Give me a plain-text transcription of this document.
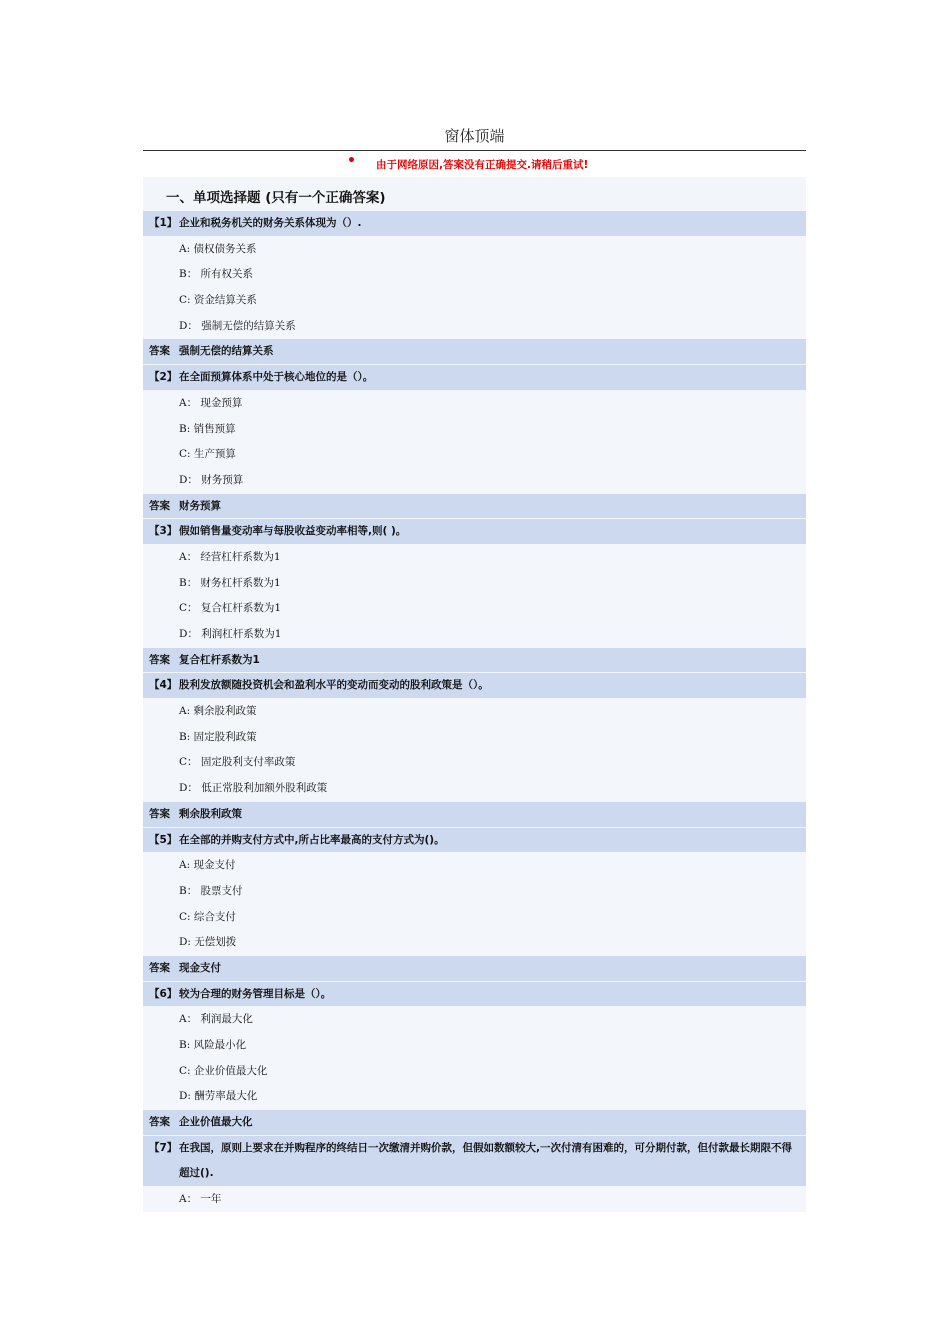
窗体顶端
• 由于网络原因,答案没有正确提交.请稍后重试!
一、单项选择题 (只有一个正确答案)
【1】 企业和税务机关的财务关系体现为（）.
A: 债权债务关系
B： 所有权关系
C: 资金结算关系
D： 强制无偿的结算关系
答案 强制无偿的结算关系
【2】 在全面预算体系中处于核心地位的是（）。
A： 现金预算
B: 销售预算
C: 生产预算
D： 财务预算
答案 财务预算
【3】 假如销售量变动率与每股收益变动率相等,则( )。
A： 经营杠杆系数为1
B： 财务杠杆系数为1
C： 复合杠杆系数为1
D： 利润杠杆系数为1
答案 复合杠杆系数为1
【4】 股利发放额随投资机会和盈利水平的变动而变动的股利政策是（）。
A: 剩余股利政策
B: 固定股利政策
C： 固定股利支付率政策
D： 低正常股利加额外股利政策
答案 剩余股利政策
【5】 在全部的并购支付方式中,所占比率最高的支付方式为()。
A: 现金支付
B： 股票支付
C: 综合支付
D: 无偿划拨
答案 现金支付
【6】 较为合理的财务管理目标是（）。
A： 利润最大化
B: 风险最小化
C: 企业价值最大化
D: 酬劳率最大化
答案 企业价值最大化
【7】 在我国，原则上要求在并购程序的终结日一次缴清并购价款，但假如数额较大,一次付清有困难的，可分期付款，但付款最长期限不得超过().
A： 一年
